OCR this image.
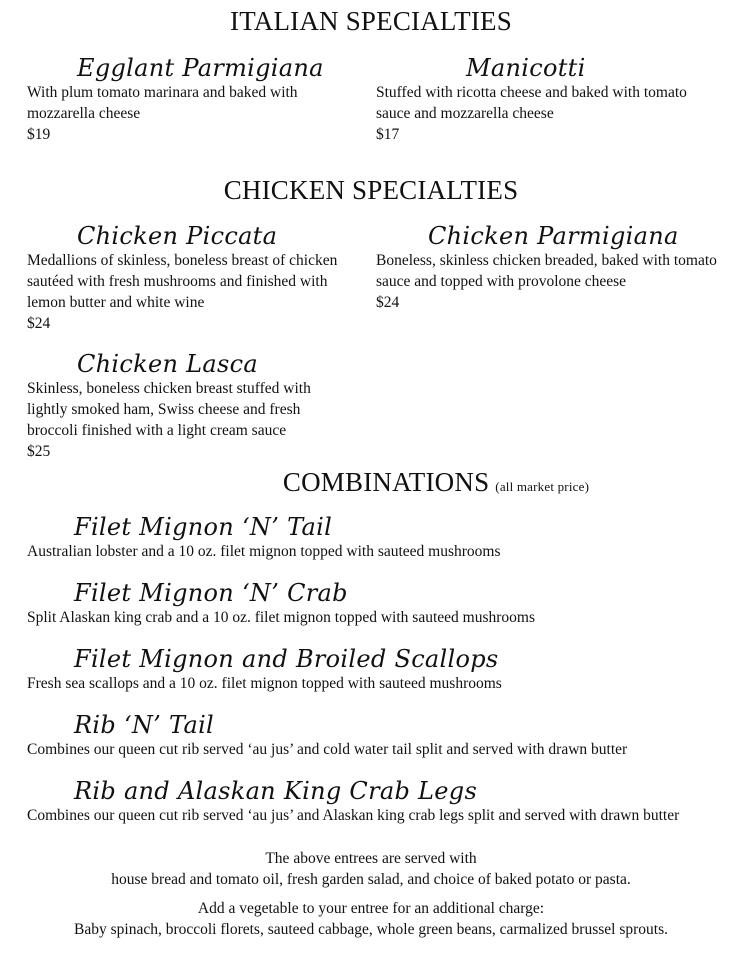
ITALIAN SPECIALTIES

Egglant Parmigiana

With plum tomato marinara and baked with mozzarella cheese

$19

Manicotti

Stuffed with ricotta cheese and baked with tomato sauce and mozzarella cheese

$17

CHICKEN SPECIALTIES

Chicken Piccata

Medallions of skinless, boneless breast of chicken sautéed with fresh mushrooms and finished with lemon butter and white wine

$24

Chicken Parmigiana

Boneless, skinless chicken breaded, baked with tomato sauce and topped with provolone cheese

$24

Chicken Lasca

Skinless, boneless chicken breast stuffed with lightly smoked ham, Swiss cheese and fresh broccoli finished with a light cream sauce

$25

COMBINATIONS (all market price)

Filet Mignon ‘N’ Tail

Australian lobster and a 10 oz. filet mignon topped with sauteed mushrooms

Filet Mignon ‘N’ Crab

Split Alaskan king crab and a 10 oz. filet mignon topped with sauteed mushrooms

Filet Mignon and Broiled Scallops

Fresh sea scallops and a 10 oz. filet mignon topped with sauteed mushrooms

Rib ‘N’ Tail

Combines our queen cut rib served ‘au jus’ and cold water tail split and served with drawn butter

Rib and Alaskan King Crab Legs

Combines our queen cut rib served ‘au jus’ and Alaskan king crab legs split and served with drawn butter

The above entrees are served with

house bread and tomato oil, fresh garden salad, and choice of baked potato or pasta.

Add a vegetable to your entree for an additional charge:

Baby spinach, broccoli florets, sauteed cabbage, whole green beans, carmalized brussel sprouts.
